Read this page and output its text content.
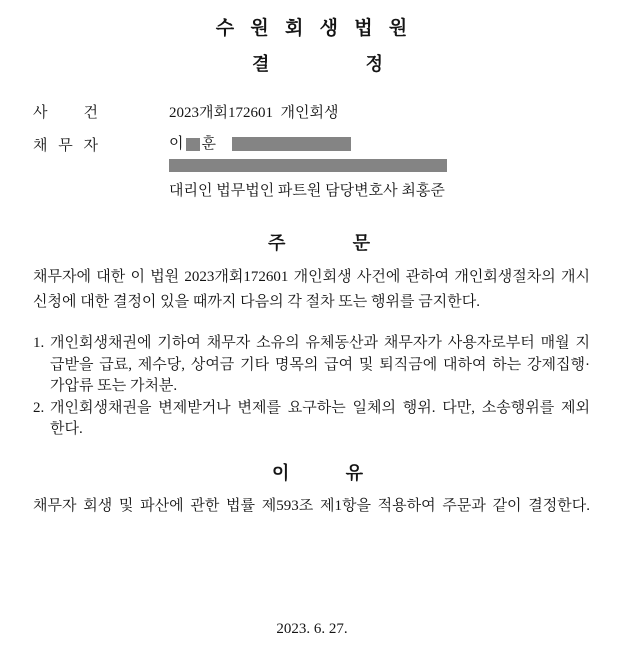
수 원 회 생 법 원
결 정
사 건	2023개회172601  개인회생
채 무 자	이 훈
대리인 법무법인 파트원 담당변호사 최홍준
주 문
채무자에 대한 이 법원 2023개회172601 개인회생 사건에 관하여 개인회생절차의 개시
신청에 대한 결정이 있을 때까지 다음의 각 절차 또는 행위를 금지한다.
1. 개인회생채권에 기하여 채무자 소유의 유체동산과 채무자가 사용자로부터 매월 지
급받을 급료, 제수당, 상여금 기타 명목의 급여 및 퇴직금에 대하여 하는 강제집행·
가압류 또는 가처분.
2. 개인회생채권을 변제받거나 변제를 요구하는 일체의 행위. 다만, 소송행위를 제외
한다.
이 유
채무자 회생 및 파산에 관한 법률 제593조 제1항을 적용하여 주문과 같이 결정한다.
2023. 6. 27.
